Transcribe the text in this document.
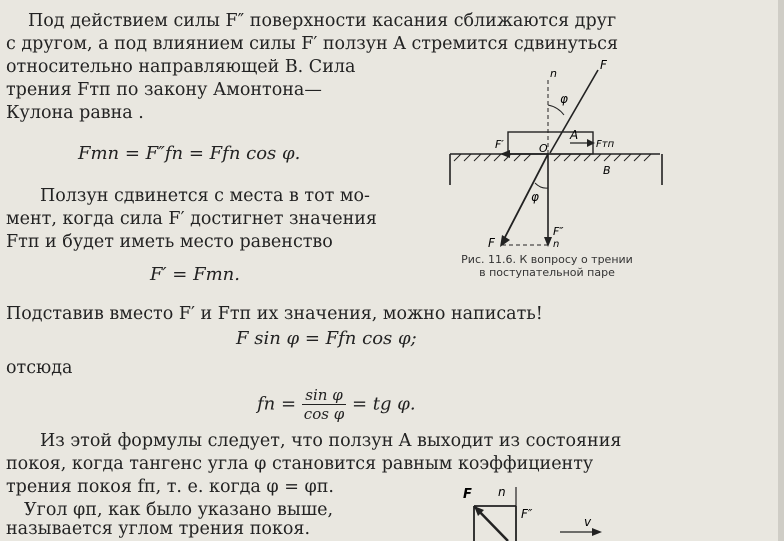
Под действием силы F″ поверхности касания сближаются друг
с другом, а под влиянием силы F′ ползун A стремится сдвинуться
относительно направляющей B. Сила
трения Fтп по закону Амонтона—
Кулона равна .
Fтп = F″fп = Ffп cos φ.
Ползун сдвинется с места в тот мо-
мент, когда сила F′ достигнет значения
Fтп и будет иметь место равенство
F′ = Fтп.
n
F
φ
F′	O
A
Fтп
B
φ
F″
n
F
Рис. 11.6. К вопросу о трении
в поступательной паре
Подставив вместо F′ и Fтп их значения, можно написать!
F sin φ = Ffп cos φ;
отсюда
fп = $\frac{\text{sin φ}}{\text{cos φ}}$ = tg φ.
Из этой формулы следует, что ползун A выходит из состояния
покоя, когда тангенс угла φ становится равным коэффициенту
трения покоя fп, т. е. когда φ = φп.
Угол φп, как было указано выше,
называется углом трения покоя.
F n
F″
v
